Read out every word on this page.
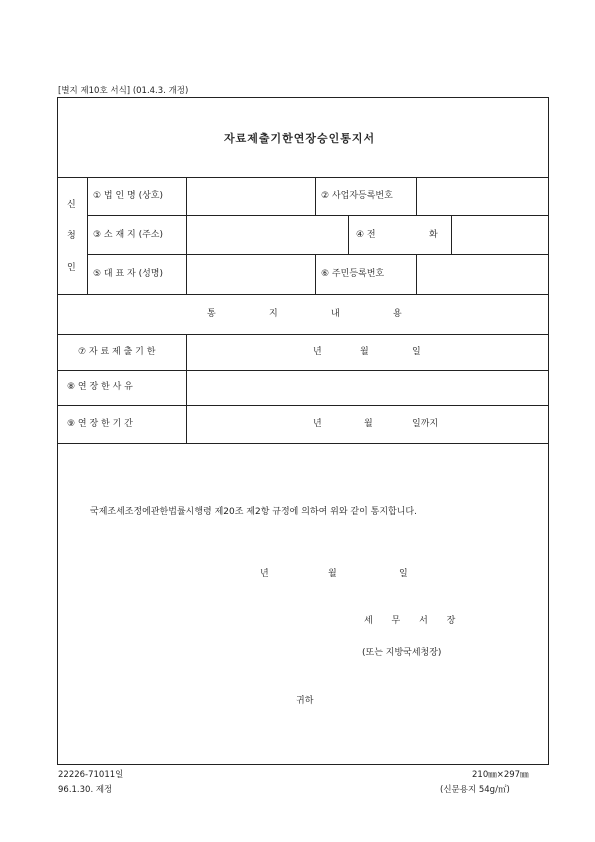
[별지 제10호 서식] (01.4.3. 개정)
자료제출기한연장승인통지서
신
청
인
① 법 인 명 (상호)	② 사업자등록번호
③ 소 재 지 (주소)	④ 전	화
⑤ 대 표 자 (성명)	⑥ 주민등록번호
통	지	내	용
⑦ 자 료 제 출 기 한	년	월	일
⑧ 연 장 한 사 유
⑨ 연 장 한 기 간	년	월	일까지
국제조세조정에관한법률시행령 제20조 제2항 규정에 의하여 위와 같이 통지합니다.
년	월	일
세 무 서 장
(또는 지방국세청장)
귀하
22226-71011일
96.1.30. 제정
210㎜×297㎜
(신문용지 54g/㎡)
